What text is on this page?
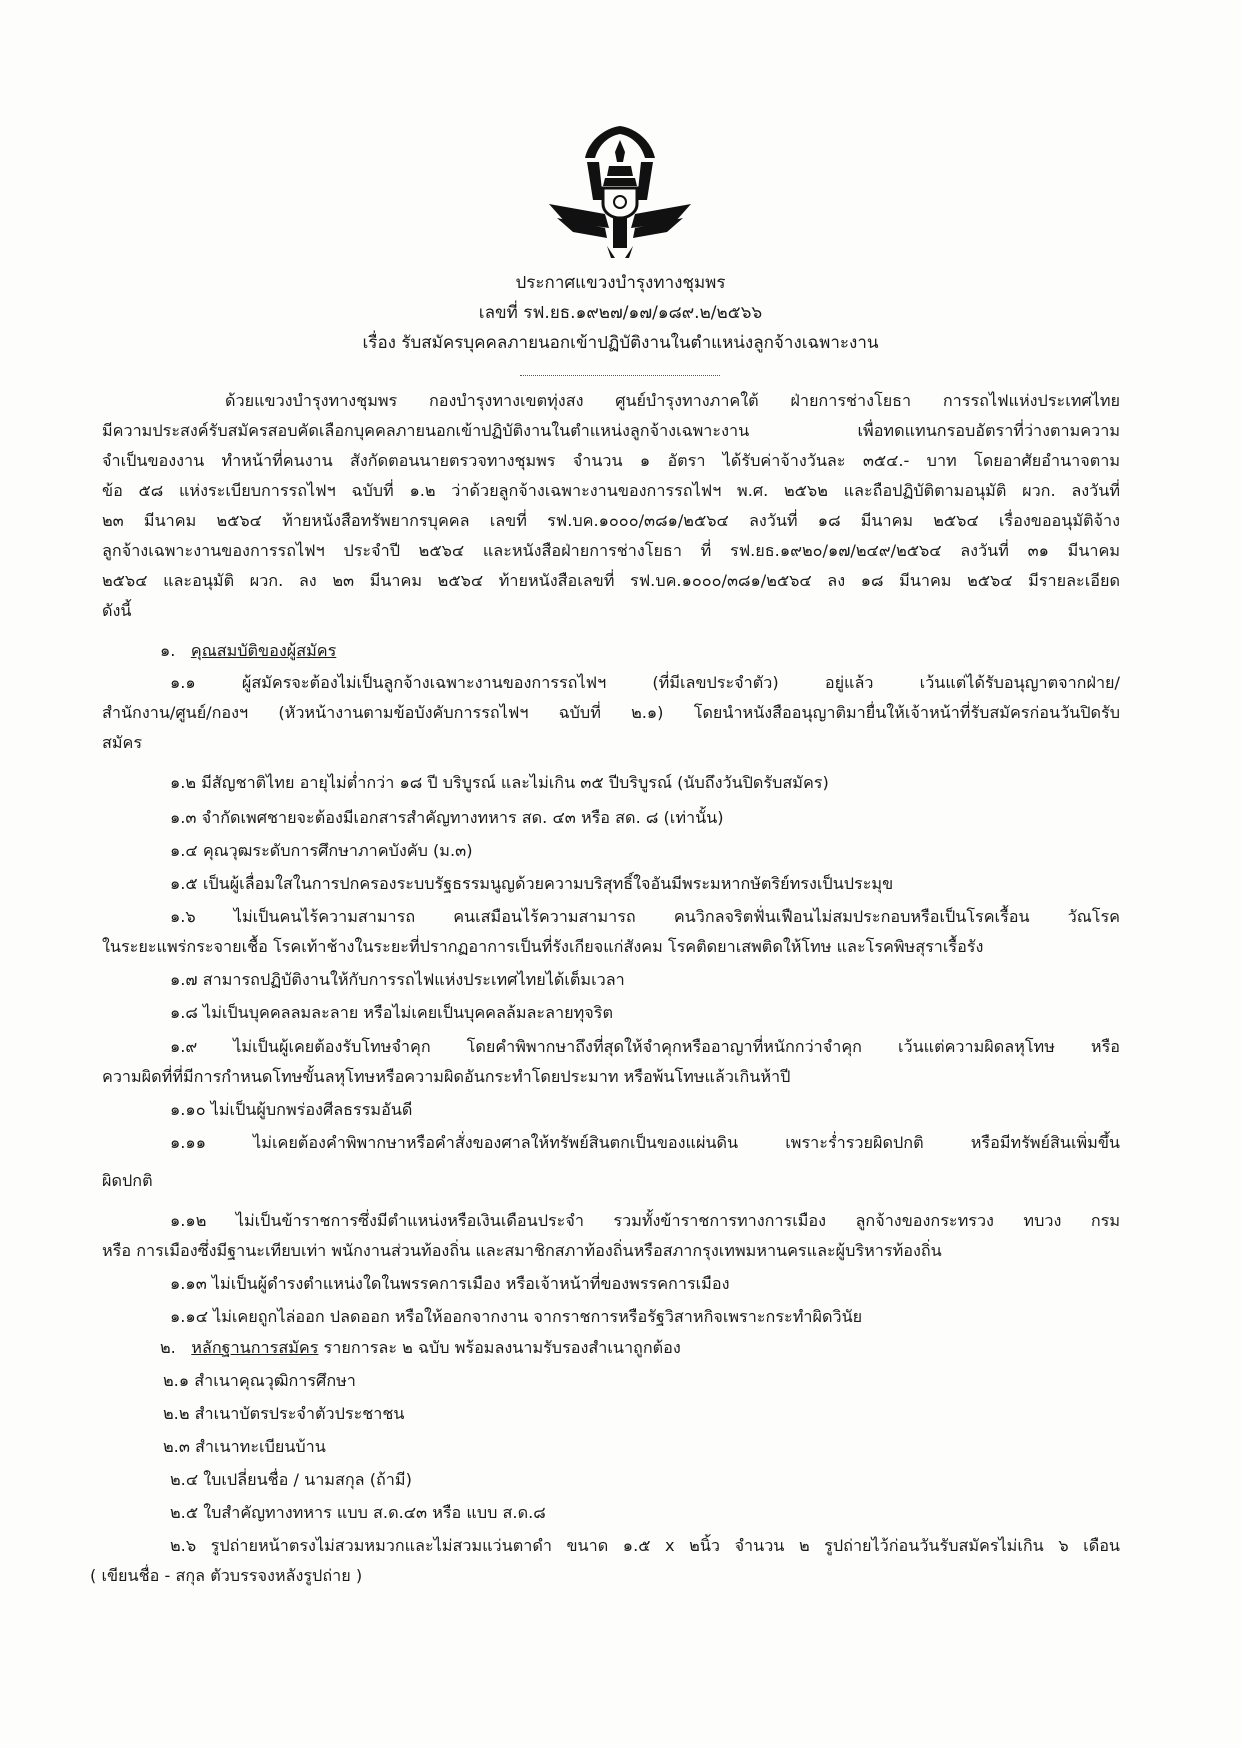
ประกาศแขวงบำรุงทางชุมพร
เลขที่ รฟ.ยธ.๑๙๒๗/๑๗/๑๘๙.๒/๒๕๖๖
เรื่อง รับสมัครบุคคลภายนอกเข้าปฏิบัติงานในตำแหน่งลูกจ้างเฉพาะงาน
ด้วยแขวงบำรุงทางชุมพร กองบำรุงทางเขตทุ่งสง ศูนย์บำรุงทางภาคใต้ ฝ่ายการช่างโยธา การรถไฟแห่งประเทศไทย
มีความประสงค์รับสมัครสอบคัดเลือกบุคคลภายนอกเข้าปฏิบัติงานในตำแหน่งลูกจ้างเฉพาะงาน เพื่อทดแทนกรอบอัตราที่ว่างตามความ
จำเป็นของงาน ทำหน้าที่คนงาน สังกัดตอนนายตรวจทางชุมพร จำนวน ๑ อัตรา ได้รับค่าจ้างวันละ ๓๕๔.- บาท โดยอาศัยอำนาจตาม
ข้อ ๕๘ แห่งระเบียบการรถไฟฯ ฉบับที่ ๑.๒ ว่าด้วยลูกจ้างเฉพาะงานของการรถไฟฯ พ.ศ. ๒๕๖๒ และถือปฏิบัติตามอนุมัติ ผวก. ลงวันที่
๒๓ มีนาคม ๒๕๖๔ ท้ายหนังสือทรัพยากรบุคคล เลขที่ รฟ.บค.๑๐๐๐/๓๘๑/๒๕๖๔ ลงวันที่ ๑๘ มีนาคม ๒๕๖๔ เรื่องขออนุมัติจ้าง
ลูกจ้างเฉพาะงานของการรถไฟฯ ประจำปี ๒๕๖๔ และหนังสือฝ่ายการช่างโยธา ที่ รฟ.ยธ.๑๙๒๐/๑๗/๒๔๙/๒๕๖๔ ลงวันที่ ๓๑ มีนาคม
๒๕๖๔ และอนุมัติ ผวก. ลง ๒๓ มีนาคม ๒๕๖๔ ท้ายหนังสือเลขที่ รฟ.บค.๑๐๐๐/๓๘๑/๒๕๖๔ ลง ๑๘ มีนาคม ๒๕๖๔ มีรายละเอียด
ดังนี้
๑. คุณสมบัติของผู้สมัคร
๑.๑ ผู้สมัครจะต้องไม่เป็นลูกจ้างเฉพาะงานของการรถไฟฯ (ที่มีเลขประจำตัว) อยู่แล้ว เว้นแต่ได้รับอนุญาตจากฝ่าย/
สำนักงาน/ศูนย์/กองฯ (หัวหน้างานตามข้อบังคับการรถไฟฯ ฉบับที่ ๒.๑) โดยนำหนังสืออนุญาติมายื่นให้เจ้าหน้าที่รับสมัครก่อนวันปิดรับ
สมัคร
๑.๒ มีสัญชาติไทย อายุไม่ต่ำกว่า ๑๘ ปี บริบูรณ์ และไม่เกิน ๓๕ ปีบริบูรณ์ (นับถึงวันปิดรับสมัคร)
๑.๓ จำกัดเพศชายจะต้องมีเอกสารสำคัญทางทหาร สด. ๔๓ หรือ สด. ๘ (เท่านั้น)
๑.๔ คุณวุฒระดับการศึกษาภาคบังคับ (ม.๓)
๑.๕ เป็นผู้เลื่อมใสในการปกครองระบบรัฐธรรมนูญด้วยความบริสุทธิ์ใจอันมีพระมหากษัตริย์ทรงเป็นประมุข
๑.๖ ไม่เป็นคนไร้ความสามารถ คนเสมือนไร้ความสามารถ คนวิกลจริตฟั่นเฟือนไม่สมประกอบหรือเป็นโรคเรื้อน วัณโรค
ในระยะแพร่กระจายเชื้อ โรคเท้าช้างในระยะที่ปรากฏอาการเป็นที่รังเกียจแก่สังคม โรคติดยาเสพติดให้โทษ และโรคพิษสุราเรื้อรัง
๑.๗ สามารถปฏิบัติงานให้กับการรถไฟแห่งประเทศไทยได้เต็มเวลา
๑.๘ ไม่เป็นบุคคลลมละลาย หรือไม่เคยเป็นบุคคลล้มละลายทุจริต
๑.๙ ไม่เป็นผู้เคยต้องรับโทษจำคุก โดยคำพิพากษาถึงที่สุดให้จำคุกหรืออาญาที่หนักกว่าจำคุก เว้นแต่ความผิดลหุโทษ หรือ
ความผิดที่ที่มีการกำหนดโทษขั้นลหุโทษหรือความผิดอันกระทำโดยประมาท หรือพ้นโทษแล้วเกินห้าปี
๑.๑๐ ไม่เป็นผู้บกพร่องศีลธรรมอันดี
๑.๑๑ ไม่เคยต้องคำพิพากษาหรือคำสั่งของศาลให้ทรัพย์สินตกเป็นของแผ่นดิน เพราะร่ำรวยผิดปกติ หรือมีทรัพย์สินเพิ่มขึ้น
ผิดปกติ
๑.๑๒ ไม่เป็นข้าราชการซึ่งมีตำแหน่งหรือเงินเดือนประจำ รวมทั้งข้าราชการทางการเมือง ลูกจ้างของกระทรวง ทบวง กรม
หรือ การเมืองซึ่งมีฐานะเทียบเท่า พนักงานส่วนท้องถิ่น และสมาชิกสภาท้องถิ่นหรือสภากรุงเทพมหานครและผู้บริหารท้องถิ่น
๑.๑๓ ไม่เป็นผู้ดำรงตำแหน่งใดในพรรคการเมือง หรือเจ้าหน้าที่ของพรรคการเมือง
๑.๑๔ ไม่เคยถูกไล่ออก ปลดออก หรือให้ออกจากงาน จากราชการหรือรัฐวิสาหกิจเพราะกระทำผิดวินัย
๒. หลักฐานการสมัคร รายการละ ๒ ฉบับ พร้อมลงนามรับรองสำเนาถูกต้อง
๒.๑ สำเนาคุณวุฒิการศึกษา
๒.๒ สำเนาบัตรประจำตัวประชาชน
๒.๓ สำเนาทะเบียนบ้าน
๒.๔ ใบเปลี่ยนชื่อ / นามสกุล (ถ้ามี)
๒.๕ ใบสำคัญทางทหาร แบบ ส.ด.๔๓ หรือ แบบ ส.ด.๘
๒.๖ รูปถ่ายหน้าตรงไม่สวมหมวกและไม่สวมแว่นตาดำ ขนาด ๑.๕ x ๒นิ้ว จำนวน ๒ รูปถ่ายไว้ก่อนวันรับสมัครไม่เกิน ๖ เดือน
( เขียนชื่อ - สกุล ตัวบรรจงหลังรูปถ่าย )
